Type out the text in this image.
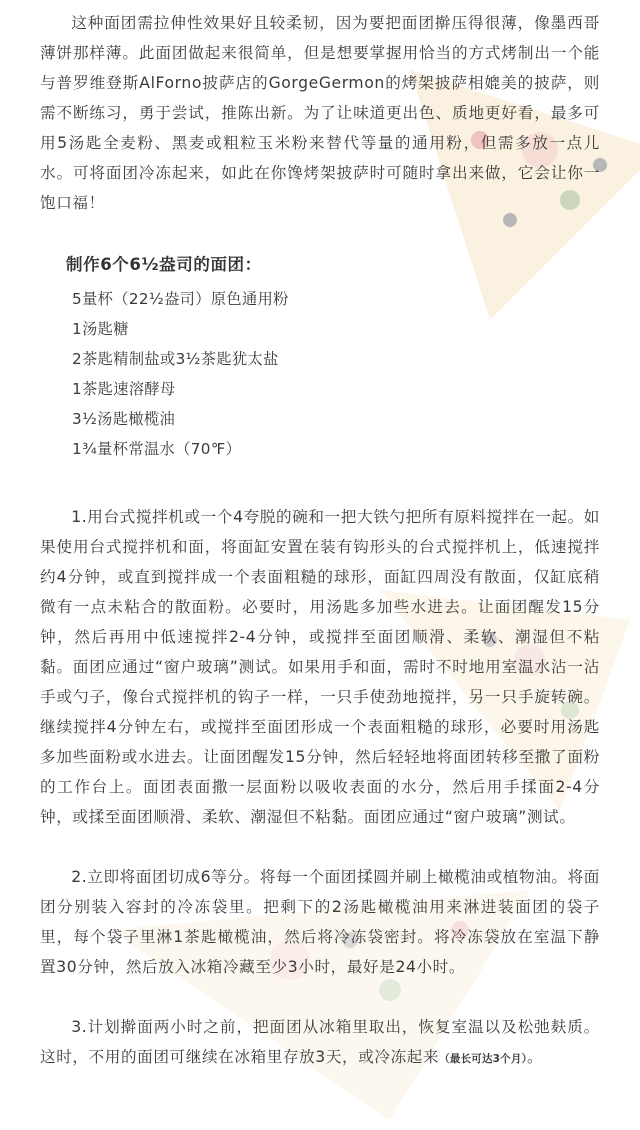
这种面团需拉伸性效果好且较柔韧，因为要把面团擀压得很薄，像墨西哥薄饼那样薄。此面团做起来很简单，但是想要掌握用恰当的方式烤制出一个能与普罗维登斯AlForno披萨店的GorgeGermon的烤架披萨相媲美的披萨，则需不断练习，勇于尝试，推陈出新。为了让味道更出色、质地更好看，最多可用5汤匙全麦粉、黑麦或粗粒玉米粉来替代等量的通用粉，但需多放一点儿水。可将面团冷冻起来，如此在你馋烤架披萨时可随时拿出来做，它会让你一饱口福！

制作6个6½盎司的面团：
5量杯（22½盎司）原色通用粉
1汤匙糖
2茶匙精制盐或3½茶匙犹太盐
1茶匙速溶酵母
3½汤匙橄榄油
1¾量杯常温水（70℉）

1.用台式搅拌机或一个4夸脱的碗和一把大铁勺把所有原料搅拌在一起。如果使用台式搅拌机和面，将面缸安置在装有钩形头的台式搅拌机上，低速搅拌约4分钟，或直到搅拌成一个表面粗糙的球形，面缸四周没有散面，仅缸底稍微有一点未粘合的散面粉。必要时，用汤匙多加些水进去。让面团醒发15分钟，然后再用中低速搅拌2-4分钟，或搅拌至面团顺滑、柔软、潮湿但不粘黏。面团应通过“窗户玻璃”测试。如果用手和面，需时不时地用室温水沾一沾手或勺子，像台式搅拌机的钩子一样，一只手使劲地搅拌，另一只手旋转碗。继续搅拌4分钟左右，或搅拌至面团形成一个表面粗糙的球形，必要时用汤匙多加些面粉或水进去。让面团醒发15分钟，然后轻轻地将面团转移至撒了面粉的工作台上。面团表面撒一层面粉以吸收表面的水分，然后用手揉面2-4分钟，或揉至面团顺滑、柔软、潮湿但不粘黏。面团应通过“窗户玻璃”测试。

2.立即将面团切成6等分。将每一个面团揉圆并刷上橄榄油或植物油。将面团分别装入容封的冷冻袋里。把剩下的2汤匙橄榄油用来淋进装面团的袋子里，每个袋子里淋1茶匙橄榄油，然后将冷冻袋密封。将冷冻袋放在室温下静置30分钟，然后放入冰箱冷藏至少3小时，最好是24小时。

3.计划擀面两小时之前，把面团从冰箱里取出，恢复室温以及松弛麸质。这时，不用的面团可继续在冰箱里存放3天，或冷冻起来（最长可达3个月）。
